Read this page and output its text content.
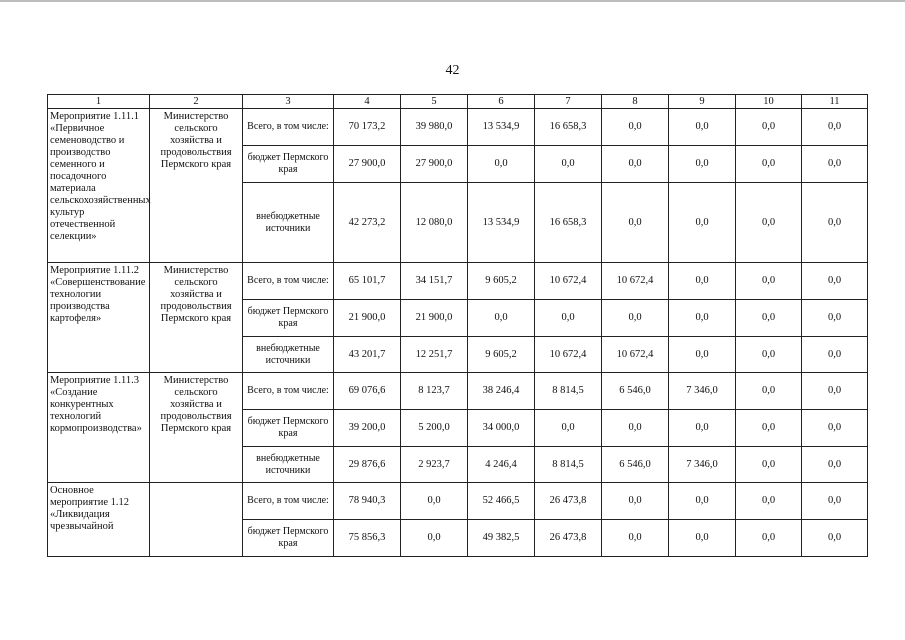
42
1	2	3	4	5	6	7	8	9	10	11
Мероприятие 1.11.1 «Первичное семеноводство и производство семенного и посадочного материала сельскохозяйственных культур отечественной селекции»	Министерство сельского хозяйства и продовольствия Пермского края	Всего, в том числе:	70 173,2	39 980,0	13 534,9	16 658,3	0,0	0,0	0,0	0,0
		бюджет Пермского края	27 900,0	27 900,0	0,0	0,0	0,0	0,0	0,0	0,0
		внебюджетные источники	42 273,2	12 080,0	13 534,9	16 658,3	0,0	0,0	0,0	0,0
Мероприятие 1.11.2 «Совершенствование технологии производства картофеля»	Министерство сельского хозяйства и продовольствия Пермского края	Всего, в том числе:	65 101,7	34 151,7	9 605,2	10 672,4	10 672,4	0,0	0,0	0,0
		бюджет Пермского края	21 900,0	21 900,0	0,0	0,0	0,0	0,0	0,0	0,0
		внебюджетные источники	43 201,7	12 251,7	9 605,2	10 672,4	10 672,4	0,0	0,0	0,0
Мероприятие 1.11.3 «Создание конкурентных технологий кормопроизводства»	Министерство сельского хозяйства и продовольствия Пермского края	Всего, в том числе:	69 076,6	8 123,7	38 246,4	8 814,5	6 546,0	7 346,0	0,0	0,0
		бюджет Пермского края	39 200,0	5 200,0	34 000,0	0,0	0,0	0,0	0,0	0,0
		внебюджетные источники	29 876,6	2 923,7	4 246,4	8 814,5	6 546,0	7 346,0	0,0	0,0
Основное мероприятие 1.12 «Ликвидация чрезвычайной		Всего, в том числе:	78 940,3	0,0	52 466,5	26 473,8	0,0	0,0	0,0	0,0
		бюджет Пермского края	75 856,3	0,0	49 382,5	26 473,8	0,0	0,0	0,0	0,0
